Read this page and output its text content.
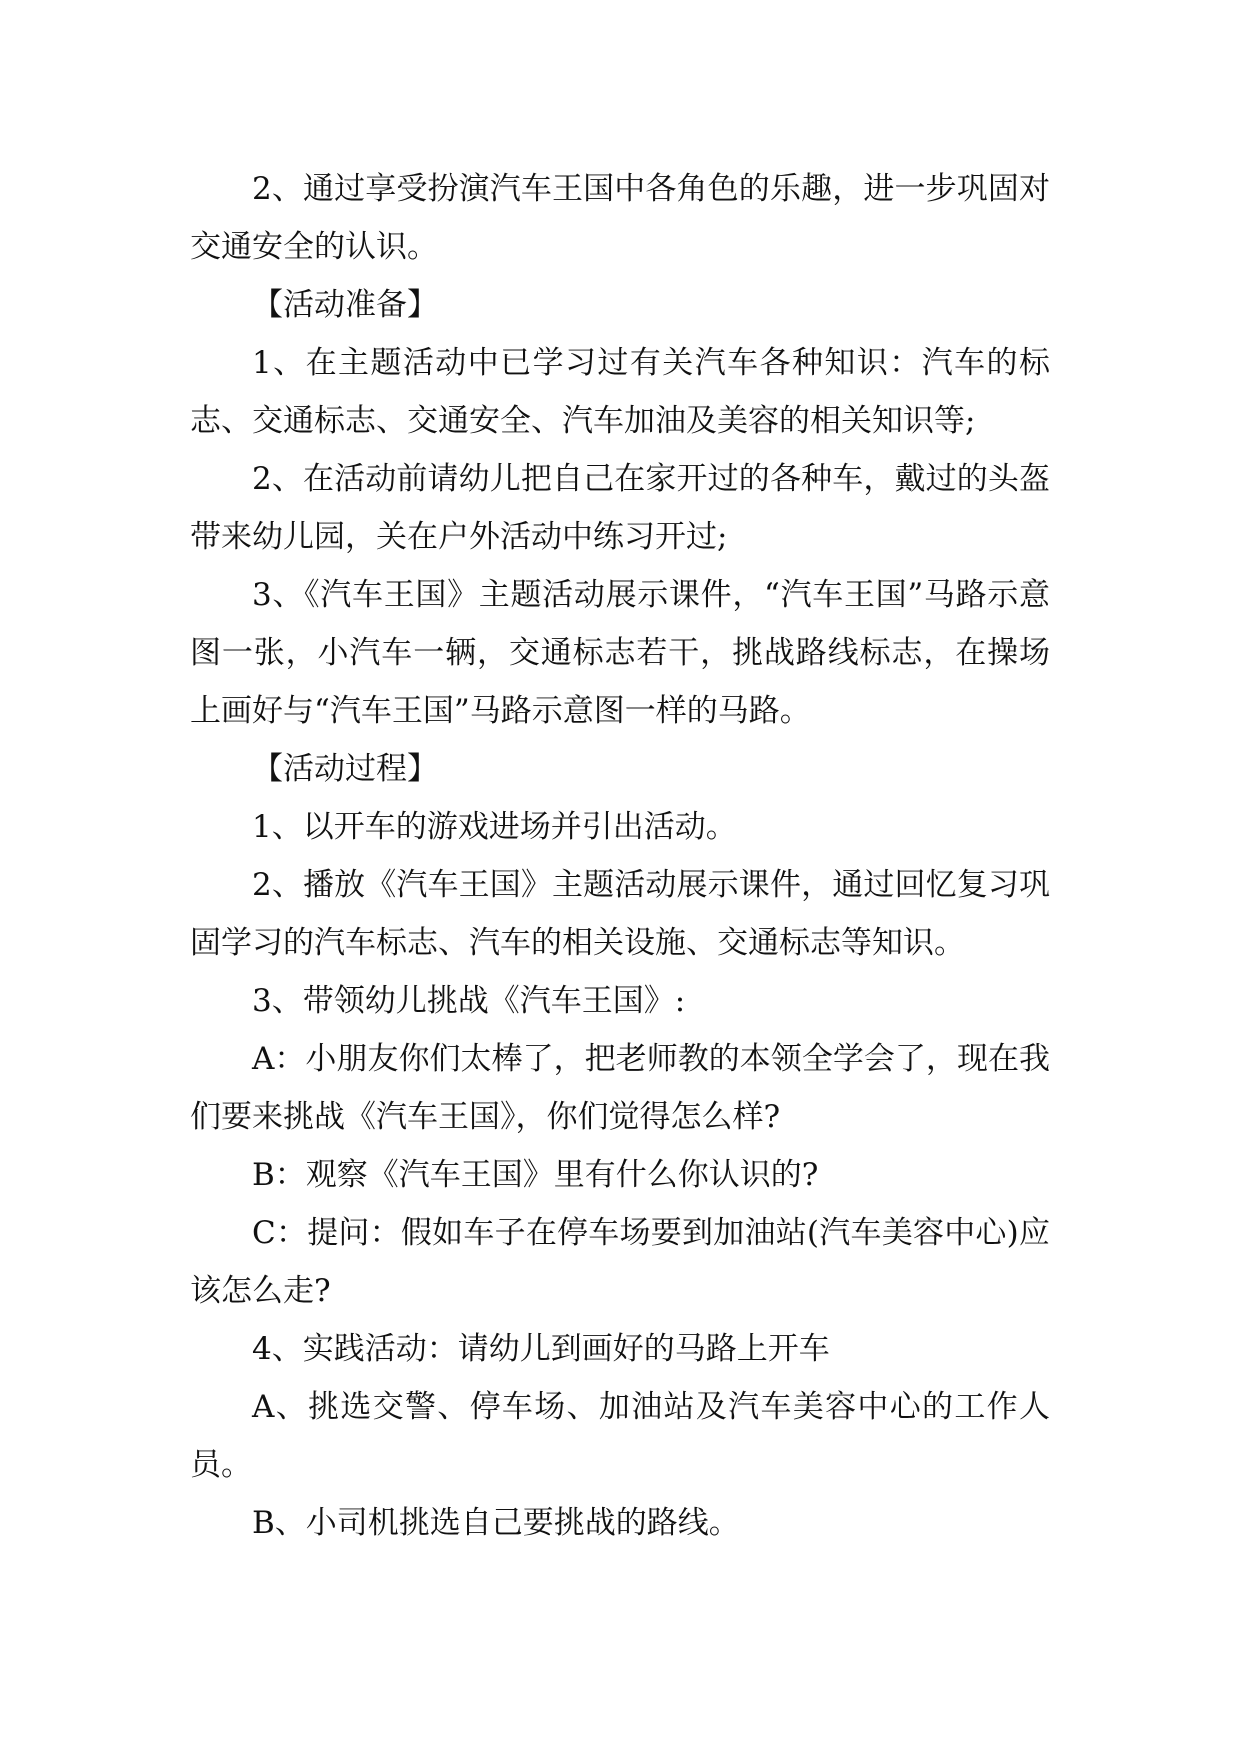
2、通过享受扮演汽车王国中各角色的乐趣，进一步巩固对交通安全的认识。

【活动准备】

1、在主题活动中已学习过有关汽车各种知识：汽车的标志、交通标志、交通安全、汽车加油及美容的相关知识等;

2、在活动前请幼儿把自己在家开过的各种车，戴过的头盔带来幼儿园，关在户外活动中练习开过;

3、《汽车王国》主题活动展示课件，“汽车王国”马路示意图一张，小汽车一辆，交通标志若干，挑战路线标志，在操场上画好与“汽车王国”马路示意图一样的马路。

【活动过程】

1、以开车的游戏进场并引出活动。

2、播放《汽车王国》主题活动展示课件，通过回忆复习巩固学习的汽车标志、汽车的相关设施、交通标志等知识。

3、带领幼儿挑战《汽车王国》:

A：小朋友你们太棒了，把老师教的本领全学会了，现在我们要来挑战《汽车王国》，你们觉得怎么样?

B：观察《汽车王国》里有什么你认识的?

C：提问：假如车子在停车场要到加油站(汽车美容中心)应该怎么走?

4、实践活动：请幼儿到画好的马路上开车

A、挑选交警、停车场、加油站及汽车美容中心的工作人员。

B、小司机挑选自己要挑战的路线。
